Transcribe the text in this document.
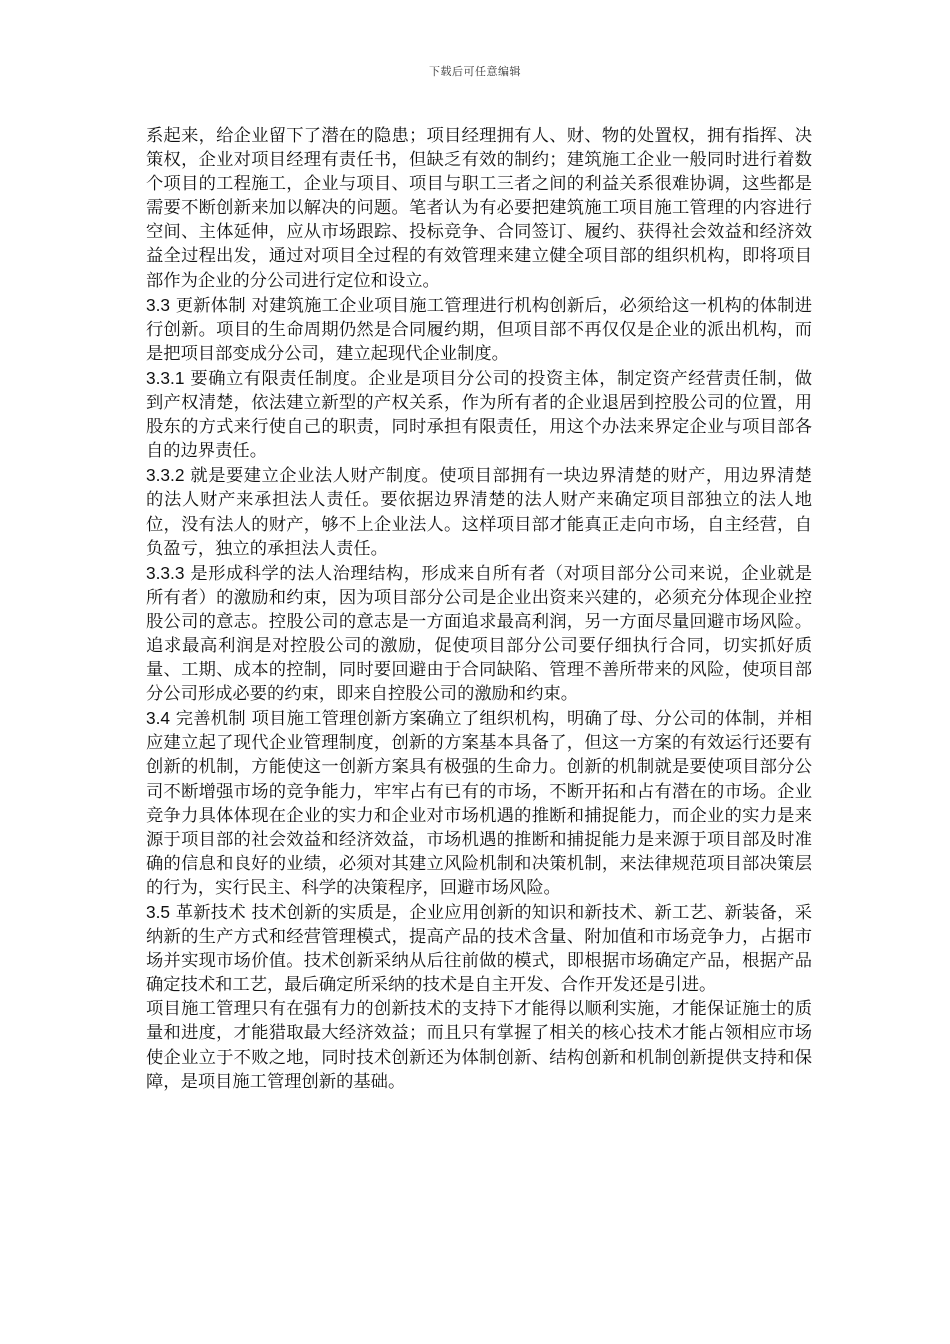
下载后可任意编辑

系起来，给企业留下了潜在的隐患；项目经理拥有人、财、物的处置权，拥有指挥、决策权，企业对项目经理有责任书，但缺乏有效的制约；建筑施工企业一般同时进行着数个项目的工程施工，企业与项目、项目与职工三者之间的利益关系很难协调，这些都是需要不断创新来加以解决的问题。笔者认为有必要把建筑施工项目施工管理的内容进行空间、主体延伸，应从市场跟踪、投标竞争、合同签订、履约、获得社会效益和经济效益全过程出发，通过对项目全过程的有效管理来建立健全项目部的组织机构，即将项目部作为企业的分公司进行定位和设立。

3.3 更新体制 对建筑施工企业项目施工管理进行机构创新后，必须给这一机构的体制进行创新。项目的生命周期仍然是合同履约期，但项目部不再仅仅是企业的派出机构，而是把项目部变成分公司，建立起现代企业制度。

3.3.1 要确立有限责任制度。企业是项目分公司的投资主体，制定资产经营责任制，做到产权清楚，依法建立新型的产权关系，作为所有者的企业退居到控股公司的位置，用股东的方式来行使自己的职责，同时承担有限责任，用这个办法来界定企业与项目部各自的边界责任。

3.3.2 就是要建立企业法人财产制度。使项目部拥有一块边界清楚的财产，用边界清楚的法人财产来承担法人责任。要依据边界清楚的法人财产来确定项目部独立的法人地位，没有法人的财产，够不上企业法人。这样项目部才能真正走向市场，自主经营，自负盈亏，独立的承担法人责任。

3.3.3 是形成科学的法人治理结构，形成来自所有者（对项目部分公司来说，企业就是所有者）的激励和约束，因为项目部分公司是企业出资来兴建的，必须充分体现企业控股公司的意志。控股公司的意志是一方面追求最高利润，另一方面尽量回避市场风险。追求最高利润是对控股公司的激励，促使项目部分公司要仔细执行合同，切实抓好质量、工期、成本的控制，同时要回避由于合同缺陷、管理不善所带来的风险，使项目部分公司形成必要的约束，即来自控股公司的激励和约束。

3.4 完善机制 项目施工管理创新方案确立了组织机构，明确了母、分公司的体制，并相应建立起了现代企业管理制度，创新的方案基本具备了，但这一方案的有效运行还要有创新的机制，方能使这一创新方案具有极强的生命力。创新的机制就是要使项目部分公司不断增强市场的竞争能力，牢牢占有已有的市场，不断开拓和占有潜在的市场。企业竞争力具体体现在企业的实力和企业对市场机遇的推断和捕捉能力，而企业的实力是来源于项目部的社会效益和经济效益，市场机遇的推断和捕捉能力是来源于项目部及时准确的信息和良好的业绩，必须对其建立风险机制和决策机制，来法律规范项目部决策层的行为，实行民主、科学的决策程序，回避市场风险。

3.5 革新技术 技术创新的实质是，企业应用创新的知识和新技术、新工艺、新装备，采纳新的生产方式和经营管理模式，提高产品的技术含量、附加值和市场竞争力，占据市场并实现市场价值。技术创新采纳从后往前做的模式，即根据市场确定产品，根据产品确定技术和工艺，最后确定所采纳的技术是自主开发、合作开发还是引进。

项目施工管理只有在强有力的创新技术的支持下才能得以顺利实施，才能保证施士的质量和进度，才能猎取最大经济效益；而且只有掌握了相关的核心技术才能占领相应市场使企业立于不败之地，同时技术创新还为体制创新、结构创新和机制创新提供支持和保障，是项目施工管理创新的基础。
